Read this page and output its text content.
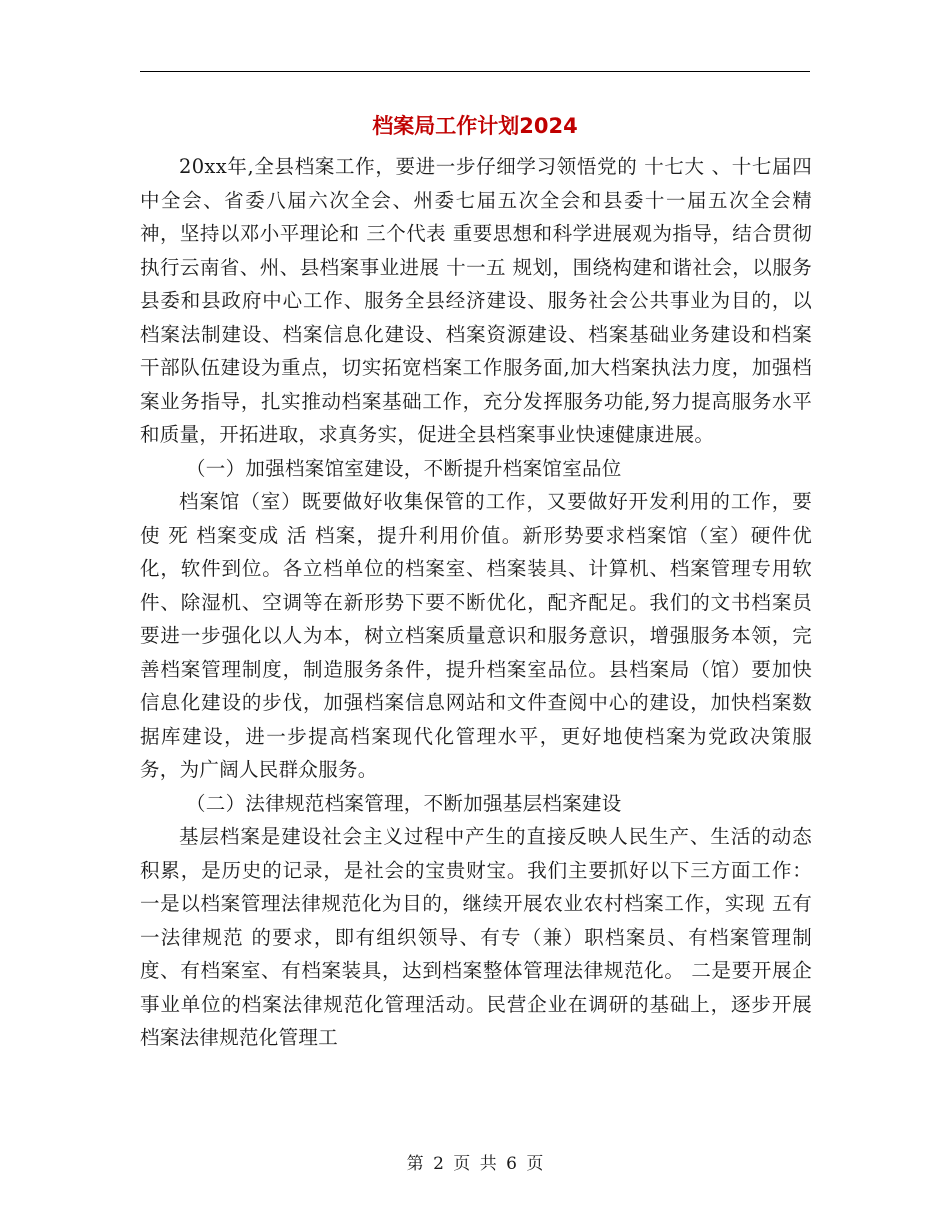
档案局工作计划2024

20xx年,全县档案工作，要进一步仔细学习领悟党的 十七大 、十七届四中全会、省委八届六次全会、州委七届五次全会和县委十一届五次全会精神，坚持以邓小平理论和 三个代表 重要思想和科学进展观为指导，结合贯彻执行云南省、州、县档案事业进展 十一五 规划，围绕构建和谐社会，以服务县委和县政府中心工作、服务全县经济建设、服务社会公共事业为目的，以档案法制建设、档案信息化建设、档案资源建设、档案基础业务建设和档案干部队伍建设为重点，切实拓宽档案工作服务面,加大档案执法力度，加强档案业务指导，扎实推动档案基础工作，充分发挥服务功能,努力提高服务水平和质量，开拓进取，求真务实，促进全县档案事业快速健康进展。

（一）加强档案馆室建设，不断提升档案馆室品位

档案馆（室）既要做好收集保管的工作，又要做好开发利用的工作，要使 死 档案变成 活 档案，提升利用价值。新形势要求档案馆（室）硬件优化，软件到位。各立档单位的档案室、档案装具、计算机、档案管理专用软件、除湿机、空调等在新形势下要不断优化，配齐配足。我们的文书档案员要进一步强化以人为本，树立档案质量意识和服务意识，增强服务本领，完善档案管理制度，制造服务条件，提升档案室品位。县档案局（馆）要加快信息化建设的步伐，加强档案信息网站和文件查阅中心的建设，加快档案数据库建设，进一步提高档案现代化管理水平，更好地使档案为党政决策服务，为广阔人民群众服务。

（二）法律规范档案管理，不断加强基层档案建设

基层档案是建设社会主义过程中产生的直接反映人民生产、生活的动态积累，是历史的记录，是社会的宝贵财宝。我们主要抓好以下三方面工作： 一是以档案管理法律规范化为目的，继续开展农业农村档案工作，实现 五有一法律规范 的要求，即有组织领导、有专（兼）职档案员、有档案管理制度、有档案室、有档案装具，达到档案整体管理法律规范化。 二是要开展企事业单位的档案法律规范化管理活动。民营企业在调研的基础上，逐步开展档案法律规范化管理工

第 2 页 共 6 页
